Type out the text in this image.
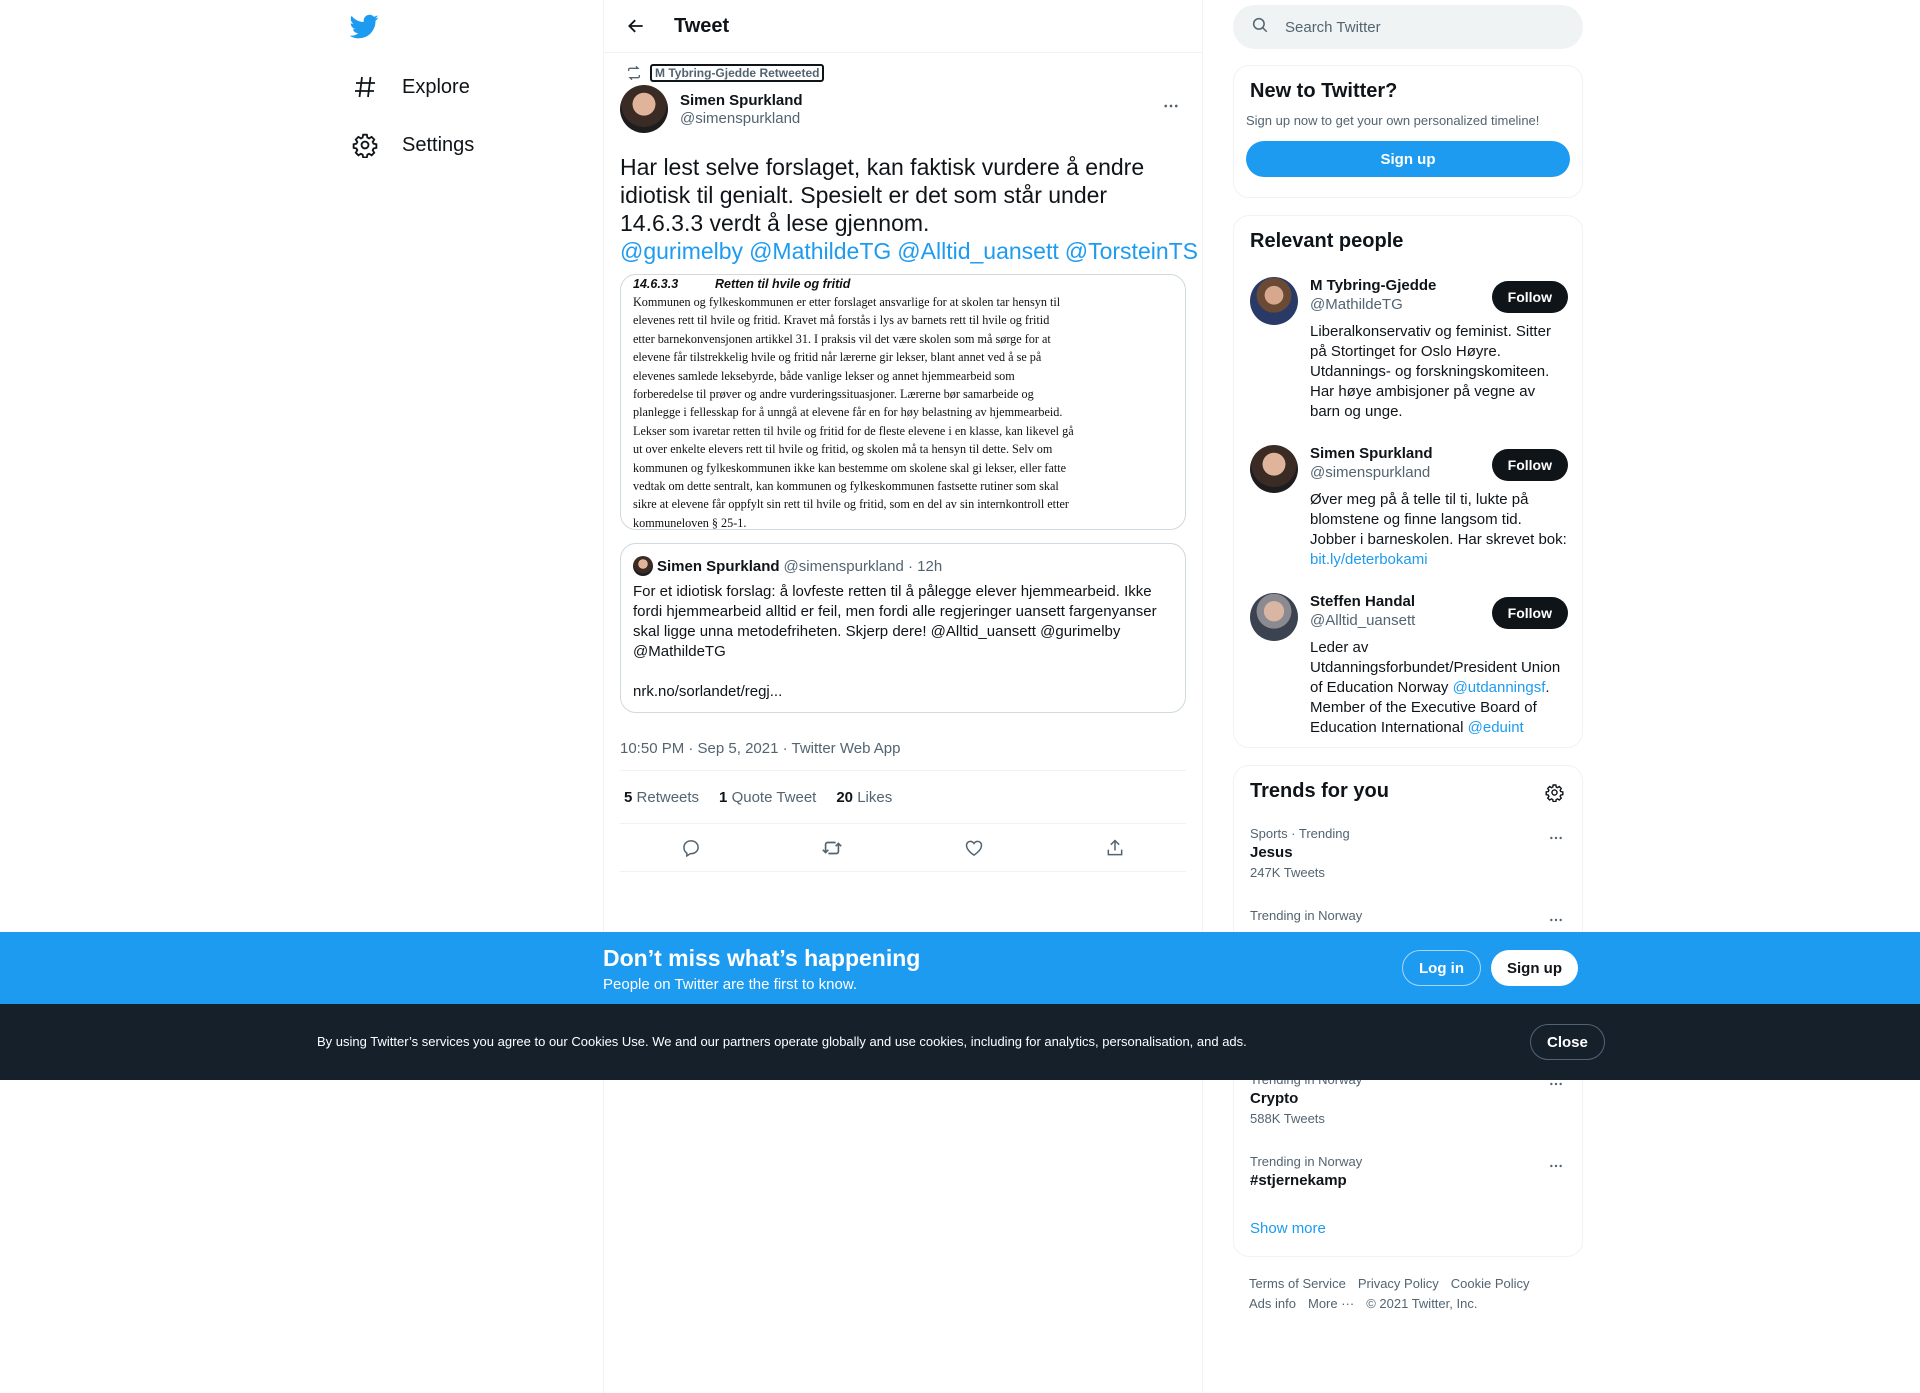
Explore
Settings
Tweet
M Tybring-Gjedde Retweeted
Simen Spurkland
@simenspurkland
Har lest selve forslaget, kan faktisk vurdere å endre idiotisk til genialt. Spesielt er det som står under 14.6.3.3 verdt å lese gjennom.
@gurimelby @MathildeTG @Alltid_uansett @TorsteinTS
14.6.3.3	Retten til hvile og fritid
Kommunen og fylkeskommunen er etter forslaget ansvarlige for at skolen tar hensyn til
elevenes rett til hvile og fritid. Kravet må forstås i lys av barnets rett til hvile og fritid
etter barnekonvensjonen artikkel 31. I praksis vil det være skolen som må sørge for at
elevene får tilstrekkelig hvile og fritid når lærerne gir lekser, blant annet ved å se på
elevenes samlede leksebyrde, både vanlige lekser og annet hjemmearbeid som
forberedelse til prøver og andre vurderingssituasjoner. Lærerne bør samarbeide og
planlegge i fellesskap for å unngå at elevene får en for høy belastning av hjemmearbeid.
Lekser som ivaretar retten til hvile og fritid for de fleste elevene i en klasse, kan likevel gå
ut over enkelte elevers rett til hvile og fritid, og skolen må ta hensyn til dette. Selv om
kommunen og fylkeskommunen ikke kan bestemme om skolene skal gi lekser, eller fatte
vedtak om dette sentralt, kan kommunen og fylkeskommunen fastsette rutiner som skal
sikre at elevene får oppfylt sin rett til hvile og fritid, som en del av sin internkontroll etter
kommuneloven § 25-1.
Simen Spurkland @simenspurkland · 12h
For et idiotisk forslag: å lovfeste retten til å pålegge elever hjemmearbeid. Ikke fordi hjemmearbeid alltid er feil, men fordi alle regjeringer uansett fargenyanser skal ligge unna metodefriheten. Skjerp dere! @Alltid_uansett @gurimelby @MathildeTG

nrk.no/sorlandet/regj...
10:50 PM · Sep 5, 2021 · Twitter Web App
5 Retweets 1 Quote Tweet 20 Likes
Search Twitter
New to Twitter?
Sign up now to get your own personalized timeline!
Sign up
Relevant people
M Tybring-Gjedde
@MathildeTG
Liberalkonservativ og feminist. Sitter på Stortinget for Oslo Høyre. Utdannings- og forskningskomiteen. Har høye ambisjoner på vegne av barn og unge.
Follow
Simen Spurkland
@simenspurkland
Øver meg på å telle til ti, lukte på blomstene og finne langsom tid. Jobber i barneskolen. Har skrevet bok: bit.ly/deterbokami
Follow
Steffen Handal
@Alltid_uansett
Leder av Utdanningsforbundet/President Union of Education Norway @utdanningsf. Member of the Executive Board of Education International @eduint
Follow
Trends for you
Sports · Trending
Jesus
247K Tweets
Trending in Norway
Crypto
588K Tweets
Trending in Norway
#stjernekamp
Show more
Terms of Service Privacy Policy Cookie Policy
Ads info More ··· © 2021 Twitter, Inc.
Don’t miss what’s happening
People on Twitter are the first to know.
Log in	Sign up
By using Twitter’s services you agree to our Cookies Use. We and our partners operate globally and use cookies, including for analytics, personalisation, and ads.	Close
